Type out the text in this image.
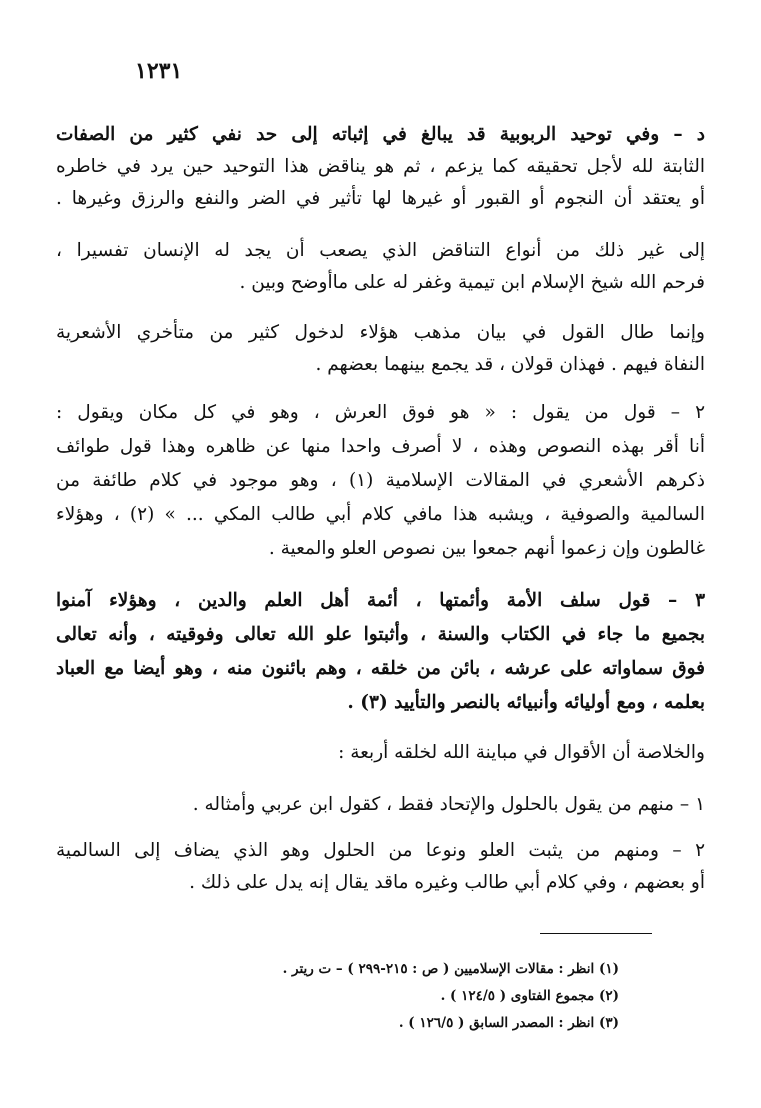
١٢٣١
د – وفي توحيد الربوبية قد يبالغ في إثباته إلى حد نفي كثير من الصفات
الثابتة لله لأجل تحقيقه كما يزعم ، ثم هو يناقض هذا التوحيد حين يرد في خاطره
أو يعتقد أن النجوم أو القبور أو غيرها لها تأثير في الضر والنفع والرزق وغيرها .
إلى غير ذلك من أنواع التناقض الذي يصعب أن يجد له الإنسان تفسيرا ،
فرحم الله شيخ الإسلام ابن تيمية وغفر له على ماأوضح وبين .
وإنما طال القول في بيان مذهب هؤلاء لدخول كثير من متأخري الأشعرية
النفاة فيهم . فهذان قولان ، قد يجمع بينهما بعضهم .
٢ – قول من يقول : « هو فوق العرش ، وهو في كل مكان ويقول :
أنا أقر بهذه النصوص وهذه ، لا أصرف واحدا منها عن ظاهره وهذا قول طوائف
ذكرهم الأشعري في المقالات الإسلامية (١) ، وهو موجود في كلام طائفة من
السالمية والصوفية ، ويشبه هذا مافي كلام أبي طالب المكي ... » (٢) ، وهؤلاء
غالطون وإن زعموا أنهم جمعوا بين نصوص العلو والمعية .
٣ – قول سلف الأمة وأئمتها ، أئمة أهل العلم والدين ، وهؤلاء آمنوا
بجميع ما جاء في الكتاب والسنة ، وأثبتوا علو الله تعالى وفوقيته ، وأنه تعالى
فوق سماواته على عرشه ، بائن من خلقه ، وهم بائنون منه ، وهو أيضا مع العباد
بعلمه ، ومع أوليائه وأنبيائه بالنصر والتأييد (٣) .
والخلاصة أن الأقوال في مباينة الله لخلقه أربعة :
١ – منهم من يقول بالحلول والإتحاد فقط ، كقول ابن عربي وأمثاله .
٢ – ومنهم من يثبت العلو ونوعا من الحلول وهو الذي يضاف إلى السالمية
أو بعضهم ، وفي كلام أبي طالب وغيره ماقد يقال إنه يدل على ذلك .
(١) انظر : مقالات الإسلاميين ( ص : ٢١٥-٢٩٩ ) – ت ريتر .
(٢) مجموع الفتاوى ( ١٢٤/٥ ) .
(٣) انظر : المصدر السابق ( ١٢٦/٥ ) .
